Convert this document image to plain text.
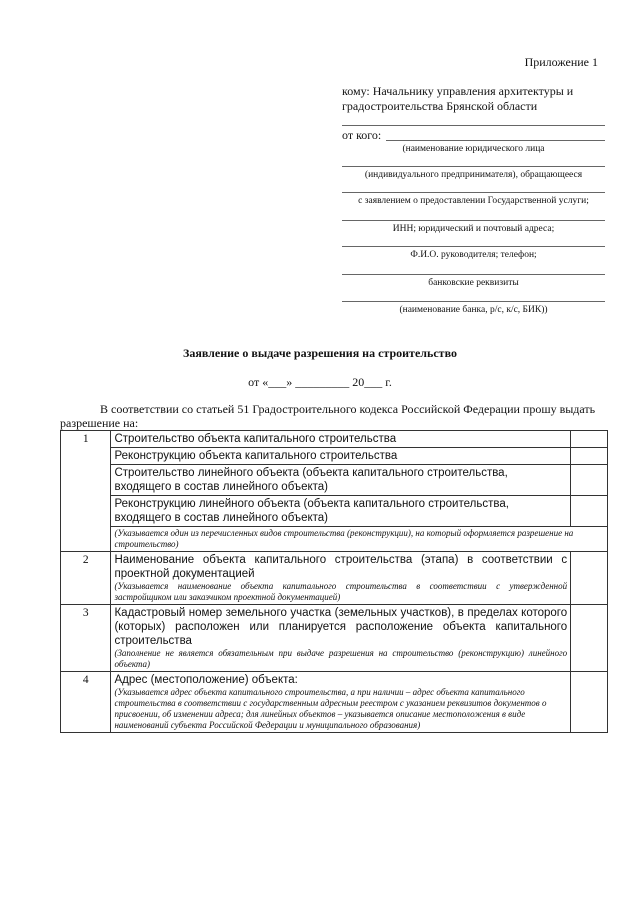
Приложение 1
кому: Начальнику управления архитектуры и градостроительства Брянской области
от кого:
(наименование юридического лица
(индивидуального предпринимателя), обращающееся
с заявлением о предоставлении Государственной услуги;
ИНН; юридический и почтовый адреса;
Ф.И.О. руководителя; телефон;
банковские реквизиты
(наименование банка, р/с, к/с, БИК))
Заявление о выдаче разрешения на строительство
от «___» _________ 20___ г.
В соответствии со статьей 51 Градостроительного кодекса Российской Федерации прошу выдать разрешение на:
1	Строительство объекта капитального строительства	
	Реконструкцию объекта капитального строительства	
	Строительство линейного объекта (объекта капитального строительства, входящего в состав линейного объекта)	
	Реконструкцию линейного объекта (объекта капитального строительства, входящего в состав линейного объекта)	

	(Указывается один из перечисленных видов строительства (реконструкции), на который оформляется разрешение на строительство)	

2	Наименование объекта капитального строительства (этапа) в соответствии с проектной документацией
(Указывается наименование объекта капитального строительства в соответствии с утвержденной застройщиком или заказчиком проектной документацией)	

3	Кадастровый номер земельного участка (земельных участков), в пределах которого (которых) расположен или планируется расположение объекта капитального строительства
(Заполнение не является обязательным при выдаче разрешения на строительство (реконструкцию) линейного объекта)	

4	Адрес (местоположение) объекта:
(Указывается адрес объекта капитального строительства, а при наличии – адрес объекта капитального строительства в соответствии с государственным адресным реестром с указанием реквизитов документов о присвоении, об изменении адреса; для линейных объектов – указывается описание местоположения в виде наименований субъекта Российской Федерации и муниципального образования)	
